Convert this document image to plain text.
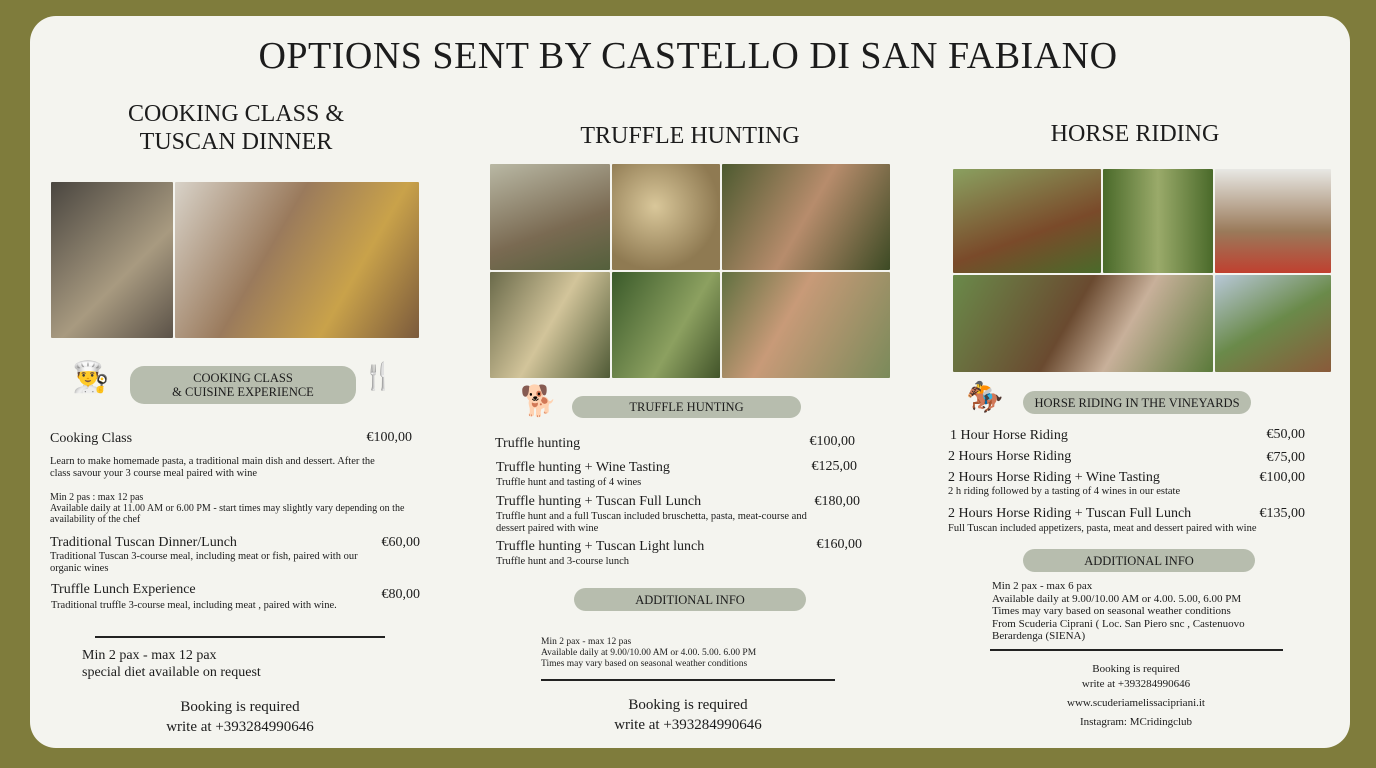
OPTIONS SENT BY CASTELLO DI SAN FABIANO
COOKING CLASS &
TUSCAN DINNER
👨‍🍳	COOKING CLASS
& CUISINE EXPERIENCE 🍴
Cooking Class	€100,00
Learn to make homemade pasta, a traditional main dish and dessert. After the class savour your 3 course meal paired with wine
Min 2 pas : max 12 pas
Available daily at 11.00 AM or 6.00 PM - start times may slightly vary depending on the availability of the chef
Traditional Tuscan Dinner/Lunch	€60,00
Traditional Tuscan 3-course meal, including meat or fish, paired with our organic wines
Truffle Lunch Experience	€80,00
Traditional truffle 3-course meal, including meat , paired with wine.
Min 2 pax - max 12 pax
special diet available on request
Booking is required
write at +393284990646
TRUFFLE HUNTING
🐕	TRUFFLE HUNTING
Truffle hunting	€100,00
Truffle hunting + Wine Tasting	€125,00
Truffle hunt and tasting of 4 wines
Truffle hunting + Tuscan Full Lunch	€180,00
Truffle hunt and a full Tuscan included bruschetta, pasta, meat-course and dessert paired with wine
Truffle hunting + Tuscan Light lunch	€160,00
Truffle hunt and 3-course lunch
ADDITIONAL INFO
Min 2 pax - max 12 pas
Available daily at 9.00/10.00 AM or 4.00. 5.00. 6.00 PM
Times may vary based on seasonal weather conditions
Booking is required
write at +393284990646
HORSE RIDING
🏇	HORSE RIDING IN THE VINEYARDS
1 Hour Horse Riding	€50,00
2 Hours Horse Riding	€75,00
2 Hours Horse Riding + Wine Tasting	€100,00
2 h riding followed by a tasting of 4 wines in our estate
2 Hours Horse Riding + Tuscan Full Lunch	€135,00
Full Tuscan included appetizers, pasta, meat and dessert paired with wine
ADDITIONAL INFO
Min 2 pax - max 6 pax
Available daily at 9.00/10.00 AM or 4.00. 5.00, 6.00 PM
Times may vary based on seasonal weather conditions
From Scuderia Ciprani ( Loc. San Piero snc , Castenuovo Berardenga (SIENA)
Booking is required
write at +393284990646
www.scuderiamelissacipriani.it
Instagram: MCridingclub
